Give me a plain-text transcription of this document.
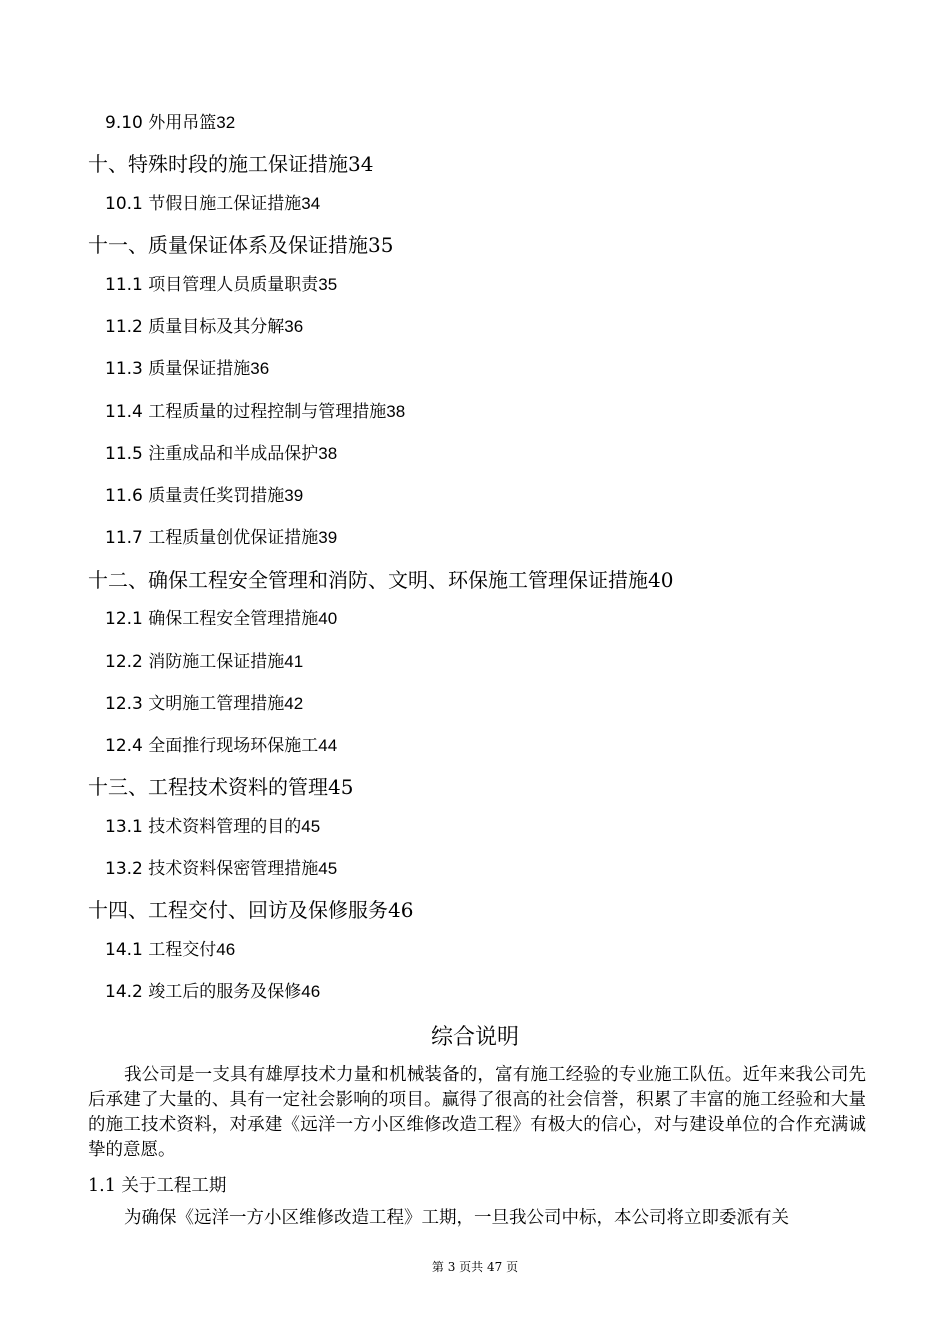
9.10 外用吊篮32
十、特殊时段的施工保证措施34
10.1 节假日施工保证措施34
十一、质量保证体系及保证措施35
11.1 项目管理人员质量职责35
11.2 质量目标及其分解36
11.3 质量保证措施36
11.4 工程质量的过程控制与管理措施38
11.5 注重成品和半成品保护38
11.6 质量责任奖罚措施39
11.7 工程质量创优保证措施39
十二、确保工程安全管理和消防、文明、环保施工管理保证措施40
12.1 确保工程安全管理措施40
12.2 消防施工保证措施41
12.3 文明施工管理措施42
12.4 全面推行现场环保施工44
十三、工程技术资料的管理45
13.1 技术资料管理的目的45
13.2 技术资料保密管理措施45
十四、工程交付、回访及保修服务46
14.1 工程交付46
14.2 竣工后的服务及保修46
综合说明
我公司是一支具有雄厚技术力量和机械装备的，富有施工经验的专业施工队伍。近年来我公司先后承建了大量的、具有一定社会影响的项目。赢得了很高的社会信誉，积累了丰富的施工经验和大量的施工技术资料，对承建《远洋一方小区维修改造工程》有极大的信心，对与建设单位的合作充满诚挚的意愿。
1.1 关于工程工期
为确保《远洋一方小区维修改造工程》工期，一旦我公司中标，本公司将立即委派有关
第 3 页共 47 页
